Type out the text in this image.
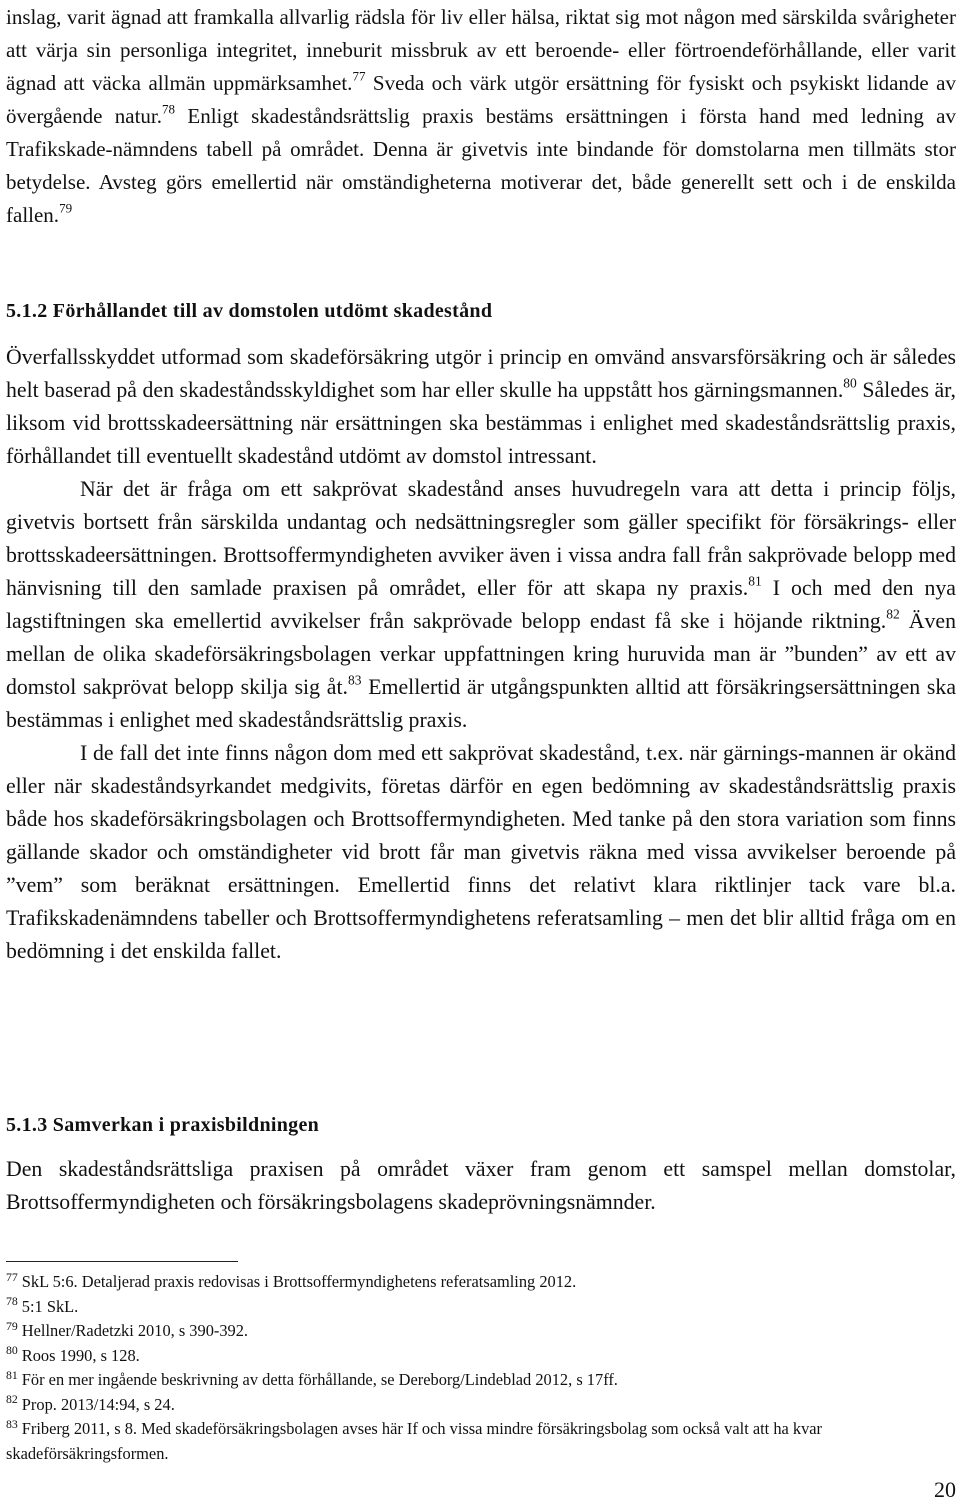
inslag, varit ägnad att framkalla allvarlig rädsla för liv eller hälsa, riktat sig mot någon med särskilda svårigheter att värja sin personliga integritet, inneburit missbruk av ett beroende- eller förtroendeförhållande, eller varit ägnad att väcka allmän uppmärksamhet.$^{77}$ Sveda och värk utgör ersättning för fysiskt och psykiskt lidande av övergående natur.$^{78}$ Enligt skadeståndsrättslig praxis bestäms ersättningen i första hand med ledning av Trafikskade-nämndens tabell på området. Denna är givetvis inte bindande för domstolarna men tillmäts stor betydelse. Avsteg görs emellertid när omständigheterna motiverar det, både generellt sett och i de enskilda fallen.$^{79}$

5.1.2 Förhållandet till av domstolen utdömt skadestånd

Överfallsskyddet utformad som skadeförsäkring utgör i princip en omvänd ansvarsförsäkring och är således helt baserad på den skadeståndsskyldighet som har eller skulle ha uppstått hos gärningsmannen.$^{80}$ Således är, liksom vid brottsskadeersättning när ersättningen ska bestämmas i enlighet med skadeståndsrättslig praxis, förhållandet till eventuellt skadestånd utdömt av domstol intressant.

När det är fråga om ett sakprövat skadestånd anses huvudregeln vara att detta i princip följs, givetvis bortsett från särskilda undantag och nedsättningsregler som gäller specifikt för försäkrings- eller brottsskadeersättningen. Brottsoffermyndigheten avviker även i vissa andra fall från sakprövade belopp med hänvisning till den samlade praxisen på området, eller för att skapa ny praxis.$^{81}$ I och med den nya lagstiftningen ska emellertid avvikelser från sakprövade belopp endast få ske i höjande riktning.$^{82}$ Även mellan de olika skadeförsäkringsbolagen verkar uppfattningen kring huruvida man är ”bunden” av ett av domstol sakprövat belopp skilja sig åt.$^{83}$ Emellertid är utgångspunkten alltid att försäkringsersättningen ska bestämmas i enlighet med skadeståndsrättslig praxis.

I de fall det inte finns någon dom med ett sakprövat skadestånd, t.ex. när gärnings-mannen är okänd eller när skadeståndsyrkandet medgivits, företas därför en egen bedömning av skadeståndsrättslig praxis både hos skadeförsäkringsbolagen och Brottsoffermyndigheten. Med tanke på den stora variation som finns gällande skador och omständigheter vid brott får man givetvis räkna med vissa avvikelser beroende på ”vem” som beräknat ersättningen. Emellertid finns det relativt klara riktlinjer tack vare bl.a. Trafikskadenämndens tabeller och Brottsoffermyndighetens referatsamling – men det blir alltid fråga om en bedömning i det enskilda fallet.

5.1.3 Samverkan i praxisbildningen

Den skadeståndsrättsliga praxisen på området växer fram genom ett samspel mellan domstolar, Brottsoffermyndigheten och försäkringsbolagens skadeprövningsnämnder.

$^{77}$ SkL 5:6. Detaljerad praxis redovisas i Brottsoffermyndighetens referatsamling 2012.

$^{78}$ 5:1 SkL.

$^{79}$ Hellner/Radetzki 2010, s 390-392.

$^{80}$ Roos 1990, s 128.

$^{81}$ För en mer ingående beskrivning av detta förhållande, se Dereborg/Lindeblad 2012, s 17ff.

$^{82}$ Prop. 2013/14:94, s 24.

$^{83}$ Friberg 2011, s 8. Med skadeförsäkringsbolagen avses här If och vissa mindre försäkringsbolag som också valt att ha kvar skadeförsäkringsformen.

20
